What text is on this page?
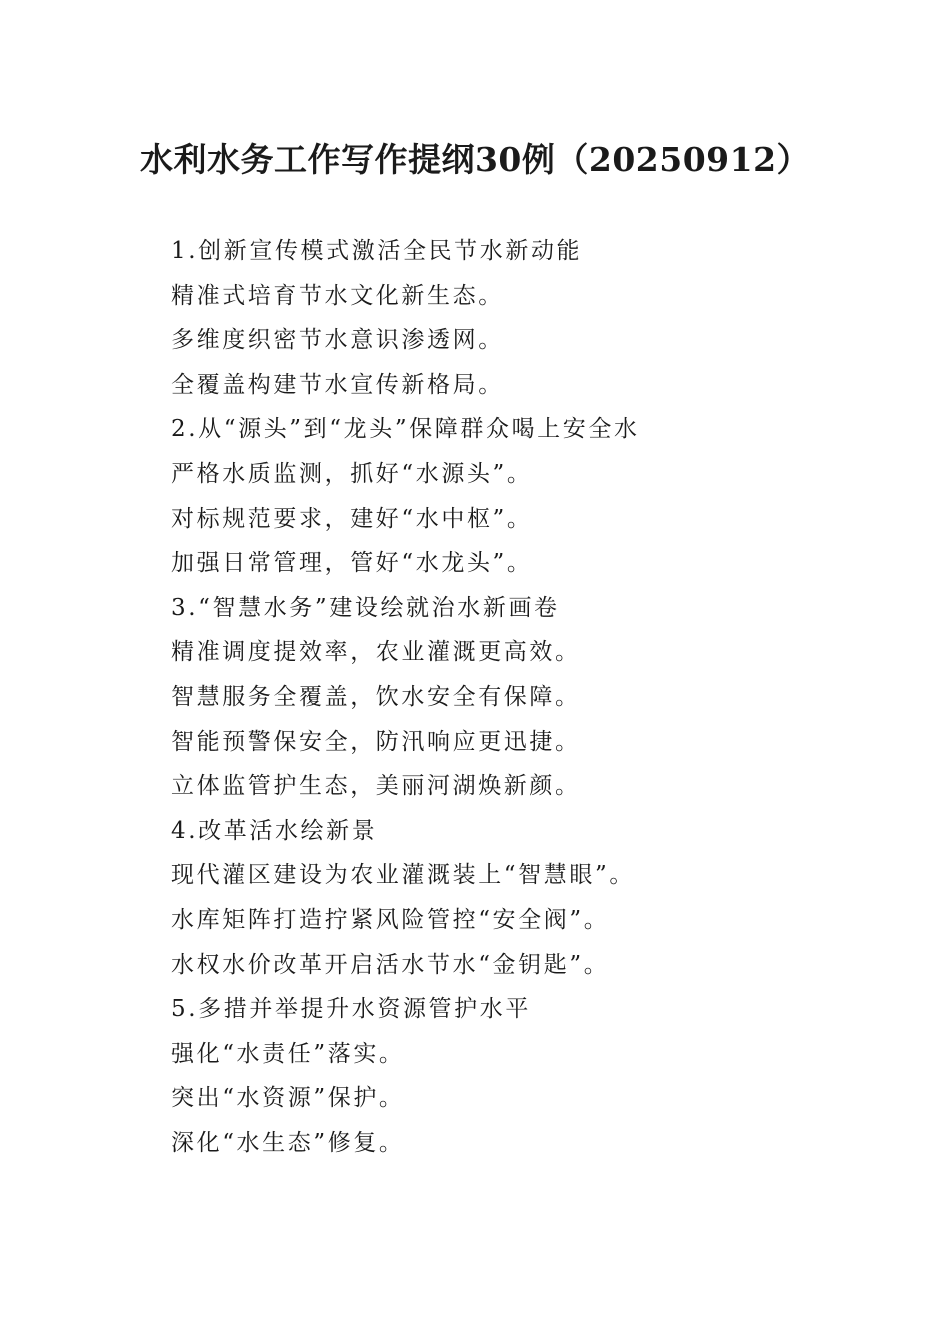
水利水务工作写作提纲30例（20250912）
1.创新宣传模式激活全民节水新动能
精准式培育节水文化新生态。
多维度织密节水意识渗透网。
全覆盖构建节水宣传新格局。
2.从“源头”到“龙头”保障群众喝上安全水
严格水质监测，抓好“水源头”。
对标规范要求，建好“水中枢”。
加强日常管理，管好“水龙头”。
3.“智慧水务”建设绘就治水新画卷
精准调度提效率，农业灌溉更高效。
智慧服务全覆盖，饮水安全有保障。
智能预警保安全，防汛响应更迅捷。
立体监管护生态，美丽河湖焕新颜。
4.改革活水绘新景
现代灌区建设为农业灌溉装上“智慧眼”。
水库矩阵打造拧紧风险管控“安全阀”。
水权水价改革开启活水节水“金钥匙”。
5.多措并举提升水资源管护水平
强化“水责任”落实。
突出“水资源”保护。
深化“水生态”修复。
